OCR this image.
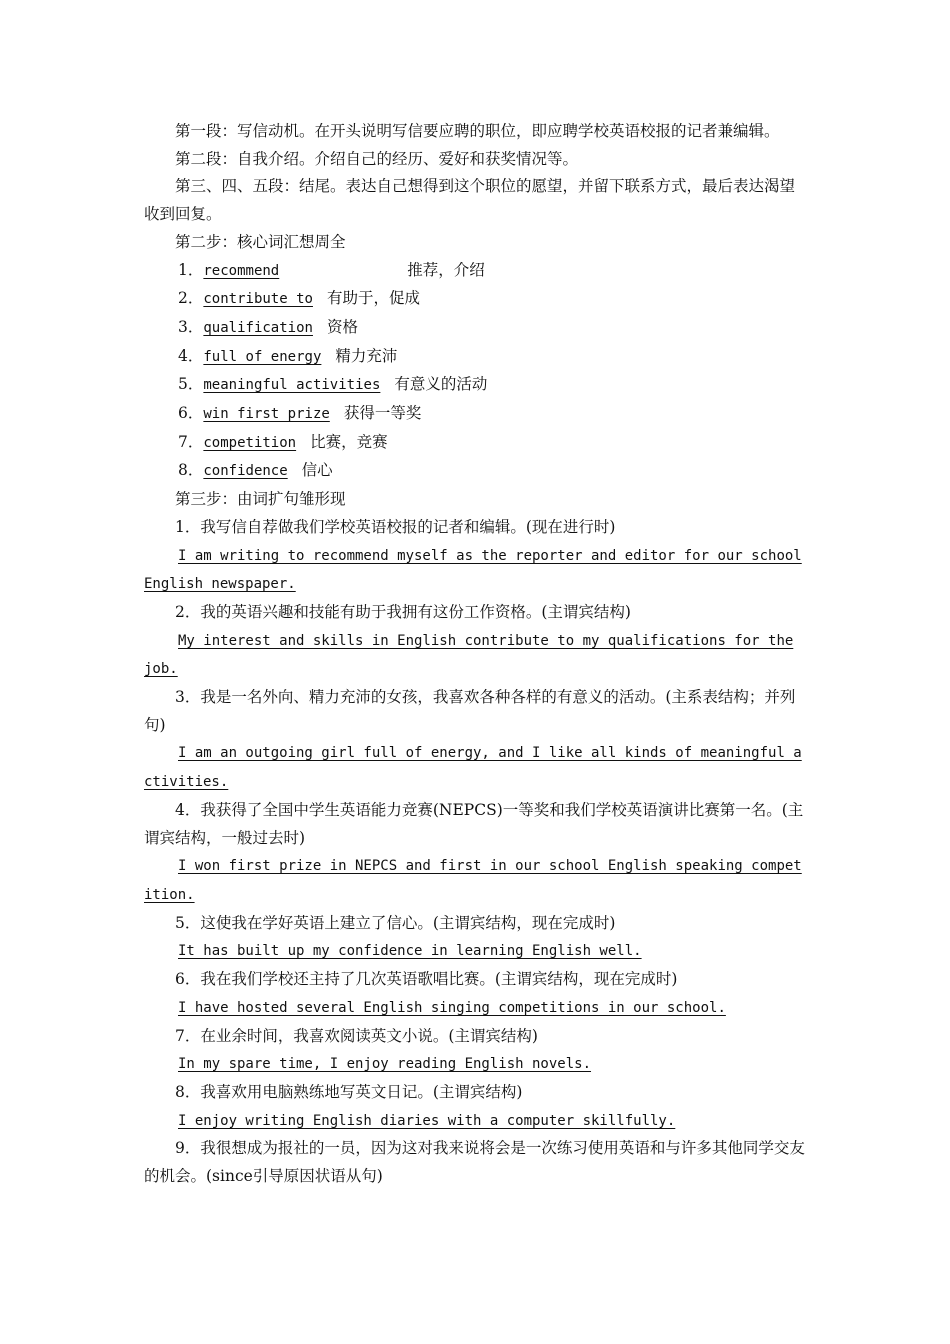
第一段：写信动机。在开头说明写信要应聘的职位，即应聘学校英语校报的记者兼编辑。

第二段：自我介绍。介绍自己的经历、爱好和获奖情况等。

第三、四、五段：结尾。表达自己想得到这个职位的愿望，并留下联系方式，最后表达渴望收到回复。

第二步：核心词汇想周全

1．recommend	推荐，介绍

2．contribute to 有助于，促成

3．qualification 资格

4．full of energy 精力充沛

5．meaningful activities 有意义的活动

6．win first prize 获得一等奖

7．competition 比赛，竞赛

8．confidence 信心

第三步：由词扩句雏形现

1．我写信自荐做我们学校英语校报的记者和编辑。(现在进行时)

I am writing to recommend myself as the reporter and editor for our school English newspaper.

2．我的英语兴趣和技能有助于我拥有这份工作资格。(主谓宾结构)

My interest and skills in English contribute to my qualifications for the job.

3．我是一名外向、精力充沛的女孩，我喜欢各种各样的有意义的活动。(主系表结构；并列句)

I am an outgoing girl full of energy, and I like all kinds of meaningful activities.

4．我获得了全国中学生英语能力竞赛(NEPCS)一等奖和我们学校英语演讲比赛第一名。(主谓宾结构，一般过去时)

I won first prize in NEPCS and first in our school English speaking competition.

5．这使我在学好英语上建立了信心。(主谓宾结构，现在完成时)

It has built up my confidence in learning English well.

6．我在我们学校还主持了几次英语歌唱比赛。(主谓宾结构，现在完成时)

I have hosted several English singing competitions in our school.

7．在业余时间，我喜欢阅读英文小说。(主谓宾结构)

In my spare time, I enjoy reading English novels.

8．我喜欢用电脑熟练地写英文日记。(主谓宾结构)

I enjoy writing English diaries with a computer skillfully.

9．我很想成为报社的一员，因为这对我来说将会是一次练习使用英语和与许多其他同学交友的机会。(since引导原因状语从句)
